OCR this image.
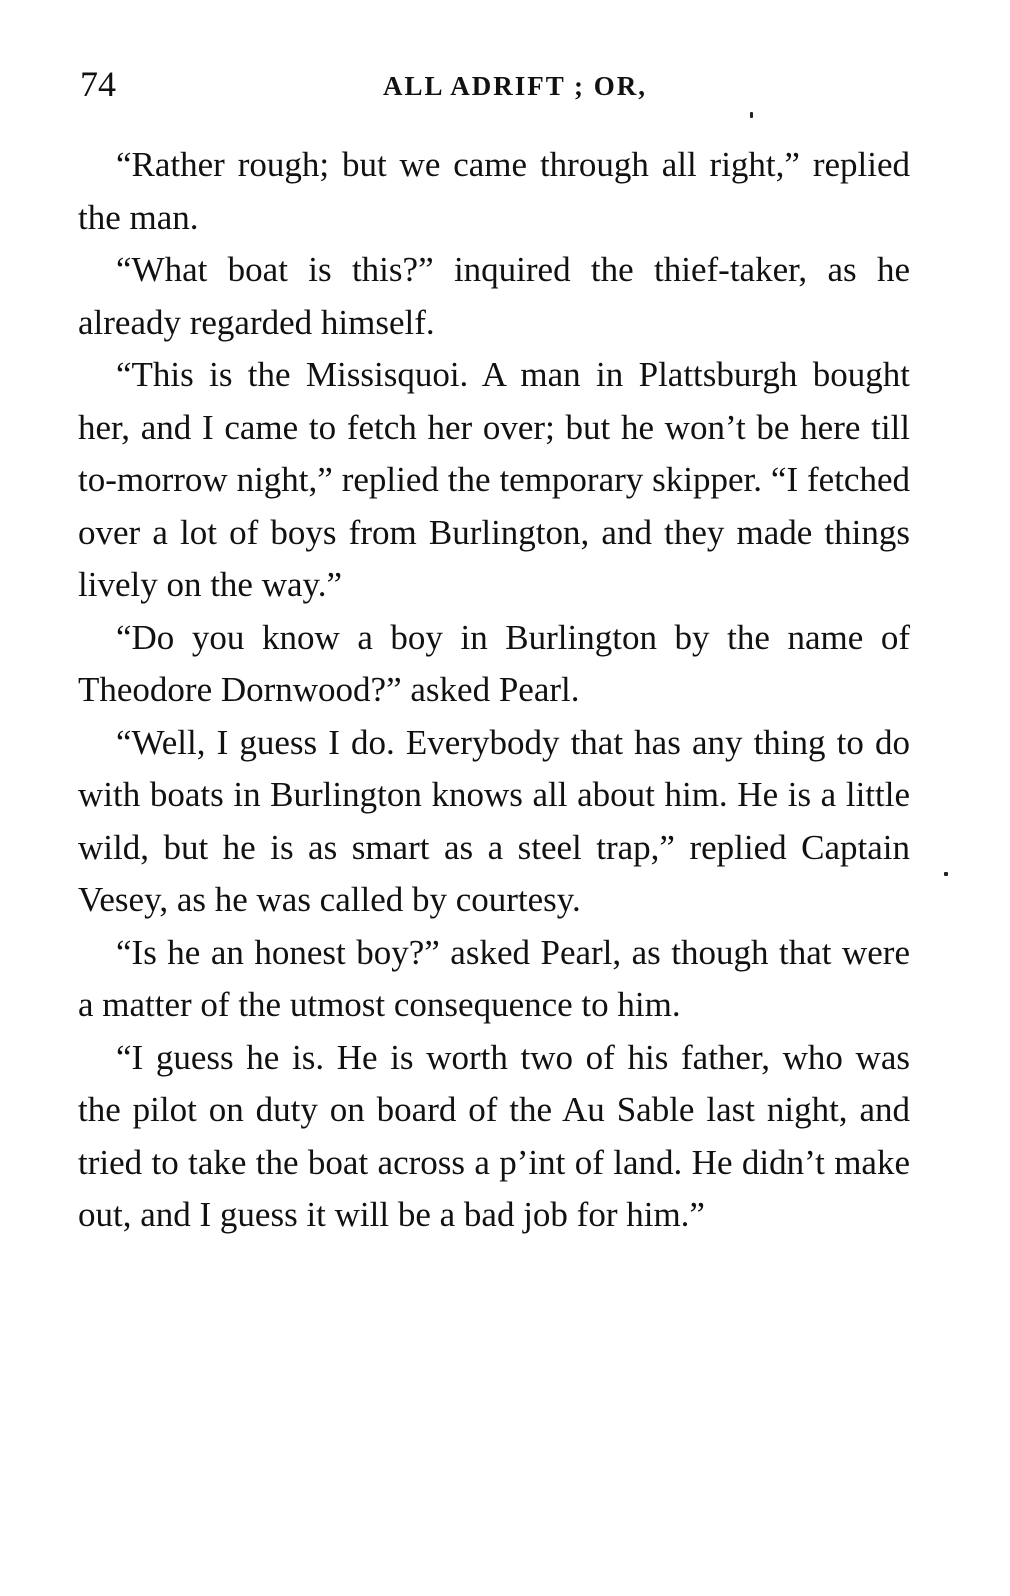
74	ALL ADRIFT ; OR,

“Rather rough; but we came through all right,” replied the man.

“What boat is this?” inquired the thief-taker, as he already regarded himself.

“This is the Missisquoi. A man in Plattsburgh bought her, and I came to fetch her over; but he won’t be here till to-morrow night,” replied the temporary skipper. “I fetched over a lot of boys from Burlington, and they made things lively on the way.”

“Do you know a boy in Burlington by the name of Theodore Dornwood?” asked Pearl.

“Well, I guess I do. Everybody that has any thing to do with boats in Burlington knows all about him. He is a little wild, but he is as smart as a steel trap,” replied Captain Vesey, as he was called by courtesy.

“Is he an honest boy?” asked Pearl, as though that were a matter of the utmost consequence to him.

“I guess he is. He is worth two of his father, who was the pilot on duty on board of the Au Sable last night, and tried to take the boat across a p’int of land. He didn’t make out, and I guess it will be a bad job for him.”
